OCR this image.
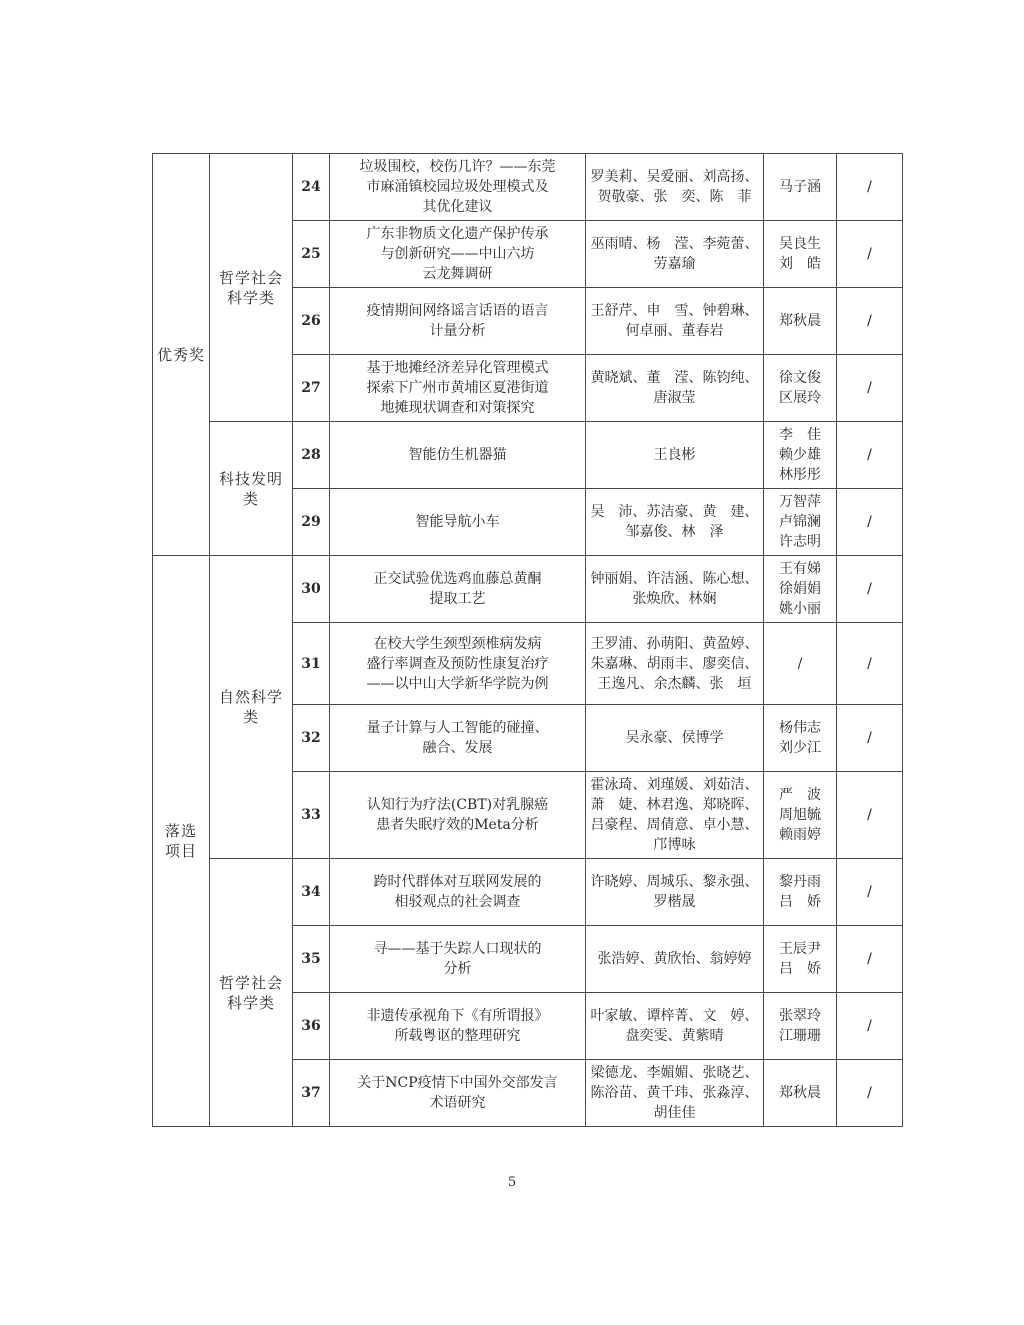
优秀奖	哲学社会
科学类	24	垃圾围校，校伤几许？——东莞
市麻涌镇校园垃圾处理模式及
其优化建议	罗美莉、吴爱丽、刘高扬、
贺敬豪、张　奕、陈　菲	马子涵	/
		25	广东非物质文化遗产保护传承
与创新研究——中山六坊
云龙舞调研	巫雨晴、杨　滢、李菀蕾、
劳嘉瑜	吴良生
刘　皓	/
		26	疫情期间网络谣言话语的语言
计量分析	王舒芹、申　雪、钟碧琳、
何卓丽、董春岩	郑秋晨	/
		27	基于地摊经济差异化管理模式
探索下广州市黄埔区夏港街道
地摊现状调查和对策探究	黄晓斌、董　滢、陈钧纯、
唐淑莹	徐文俊
区展玲	/

	科技发明类	28	智能仿生机器猫	王良彬	李　佳
赖少雄
林彤彤	/
		29	智能导航小车	吴　沛、苏洁豪、黄　建、
邹嘉俊、林　泽	万智萍
卢锦澜
许志明	/

落选
项目	自然科学类	30	正交试验优选鸡血藤总黄酮
提取工艺	钟丽娟、许洁涵、陈心想、
张焕欣、林娴	王有娣
徐娟娟
姚小丽	/
		31	在校大学生颈型颈椎病发病
盛行率调查及预防性康复治疗
——以中山大学新华学院为例	王罗浦、孙萌阳、黄盈婷、
朱嘉琳、胡雨丰、廖奕信、
王逸凡、余杰麟、张　垣	/	/
		32	量子计算与人工智能的碰撞、
融合、发展	吴永豪、侯博学	杨伟志
刘少江	/
		33	认知行为疗法(CBT)对乳腺癌
患者失眠疗效的Meta分析	霍泳琦、刘瑾媛、刘茹洁、
萧　婕、林君逸、郑晓晖、
吕豪程、周倩意、卓小慧、
邝博咏	严　波
周旭毓
赖雨婷	/

	哲学社会
科学类	34	跨时代群体对互联网发展的
相驳观点的社会调查	许晓婷、周城乐、黎永强、
罗楷晟	黎丹雨
吕　娇	/
		35	寻——基于失踪人口现状的
分析	张浩婷、黄欣怡、翁婷婷	王辰尹
吕　娇	/
		36	非遗传承视角下《有所谓报》
所载粤讴的整理研究	叶家敏、谭梓菁、文　婷、
盘奕雯、黄紫晴	张翠玲
江珊珊	/
		37	关于NCP疫情下中国外交部发言
术语研究	梁德龙、李媚媚、张晓艺、
陈浴苗、黄千玮、张淼淳、
胡佳佳	郑秋晨	/
5
